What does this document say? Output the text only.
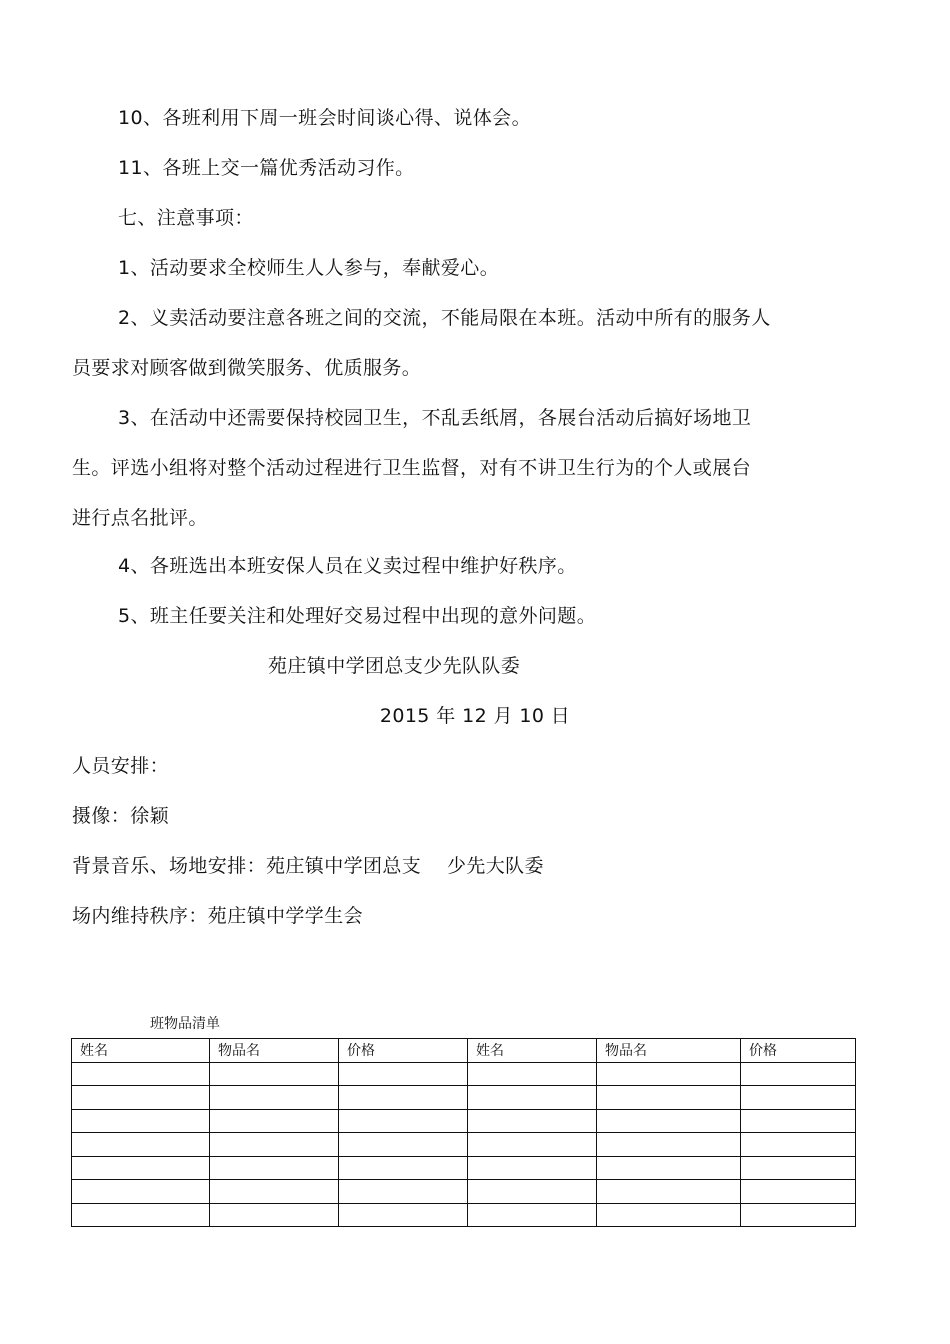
10、各班利用下周一班会时间谈心得、说体会。
11、各班上交一篇优秀活动习作。
七、注意事项：
1、活动要求全校师生人人参与，奉献爱心。
2、义卖活动要注意各班之间的交流，不能局限在本班。活动中所有的服务人
员要求对顾客做到微笑服务、优质服务。
3、在活动中还需要保持校园卫生，不乱丢纸屑，各展台活动后搞好场地卫
生。评选小组将对整个活动过程进行卫生监督，对有不讲卫生行为的个人或展台
进行点名批评。
4、各班选出本班安保人员在义卖过程中维护好秩序。
5、班主任要关注和处理好交易过程中出现的意外问题。
苑庄镇中学团总支少先队队委
2015 年 12 月 10 日
人员安排：
摄像：徐颖
背景音乐、场地安排：苑庄镇中学团总支    少先大队委
场内维持秩序：苑庄镇中学学生会
班物品清单
姓名	物品名	价格	姓名	物品名	价格
